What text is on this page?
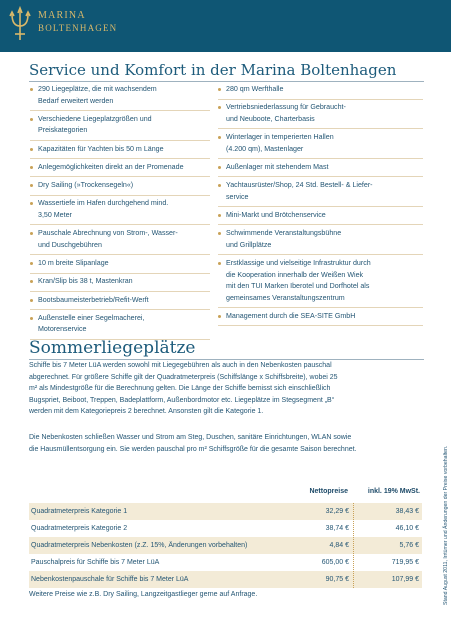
MARINA
BOLTENHAGEN
Service und Komfort in der Marina Boltenhagen
290 Liegeplätze, die mit wachsendem
Bedarf erweitert werden
Verschiedene Liegeplatzgrößen und
Preiskategorien
Kapazitäten für Yachten bis 50 m Länge
Anlegemöglichkeiten direkt an der Promenade
Dry Sailing (»Trockensegeln«)
Wassertiefe im Hafen durchgehend mind.
3,50 Meter
Pauschale Abrechnung von Strom-, Wasser-
und Duschgebühren
10 m breite Slipanlage
Kran/Slip bis 38 t, Mastenkran
Bootsbaumeisterbetrieb/Refit-Werft
Außenstelle einer Segelmacherei,
Motorenservice
280 qm Werfthalle
Vertriebsniederlassung für Gebraucht-
und Neuboote, Charterbasis
Winterlager in temperierten Hallen
(4.200 qm), Mastenlager
Außenlager mit stehendem Mast
Yachtausrüster/Shop, 24 Std. Bestell- & Liefer-
service
Mini-Markt und Brötchenservice
Schwimmende Veranstaltungsbühne
und Grillplätze
Erstklassige und vielseitige Infrastruktur durch
die Kooperation innerhalb der Weißen Wiek
mit den TUI Marken Iberotel und Dorfhotel als
gemeinsames Veranstaltungszentrum
Management durch die SEA-SITE GmbH
Sommerliegeplätze
Schiffe bis 7 Meter LüA werden sowohl mit Liegegebühren als auch in den Nebenkosten pauschal
abgerechnet. Für größere Schiffe gilt der Quadratmeterpreis (Schiffslänge x Schiffsbreite), wobei 25
m² als Mindestgröße für die Berechnung gelten. Die Länge der Schiffe bemisst sich einschließlich
Bugspriet, Beiboot, Treppen, Badeplattform, Außenbordmotor etc. Liegeplätze im Stegsegment „B“
werden mit dem Kategoriepreis 2 berechnet. Ansonsten gilt die Kategorie 1.
Die Nebenkosten schließen Wasser und Strom am Steg, Duschen, sanitäre Einrichtungen, WLAN sowie
die Hausmüllentsorgung ein. Sie werden pauschal pro m² Schiffsgröße für die gesamte Saison berechnet.
Nettopreise	inkl. 19% MwSt.
Quadratmeterpreis Kategorie 1	32,29 €	38,43 €
Quadratmeterpreis Kategorie 2	38,74 €	46,10 €
Quadratmeterpreis Nebenkosten (z.Z. 15%, Änderungen vorbehalten)	4,84 €	5,76 €
Pauschalpreis für Schiffe bis 7 Meter LüA	605,00 €	719,95 €
Nebenkostenpauschale für Schiffe bis 7 Meter LüA	90,75 €	107,99 €
Weitere Preise wie z.B. Dry Sailing, Langzeitgastlieger gerne auf Anfrage.	Stand August 2011, Irrtümer und Änderungen der Preise vorbehalten.
